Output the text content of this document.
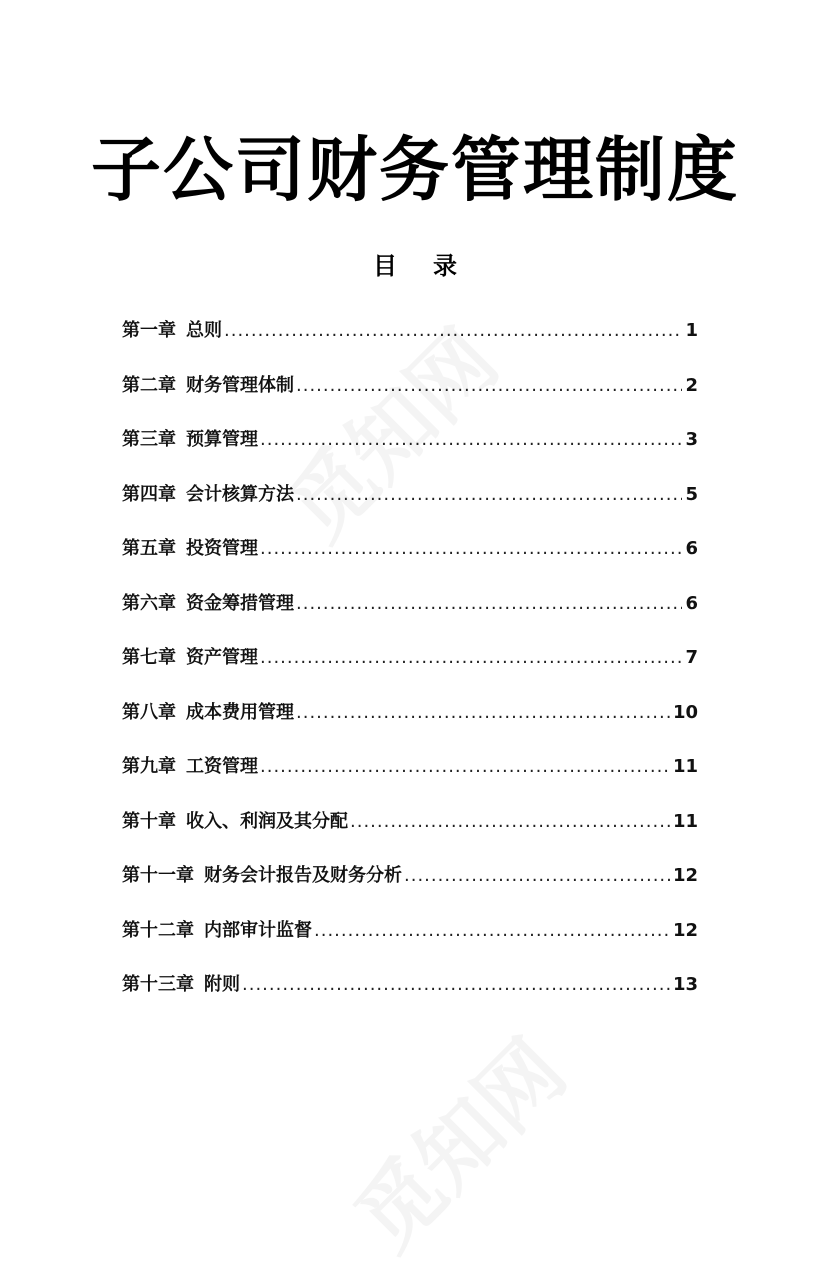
子公司财务管理制度
目 录
第一章 总则 .....	1
第二章 财务管理体制 .....	2
第三章 预算管理 .....	3
第四章 会计核算方法 .....	5
第五章 投资管理 .....	6
第六章 资金筹措管理 .....	6
第七章 资产管理 .....	7
第八章 成本费用管理 .....	10
第九章 工资管理 .....	11
第十章 收入、利润及其分配 .....	11
第十一章 财务会计报告及财务分析 .....	12
第十二章 内部审计监督 .....	12
第十三章 附则 .....	13
